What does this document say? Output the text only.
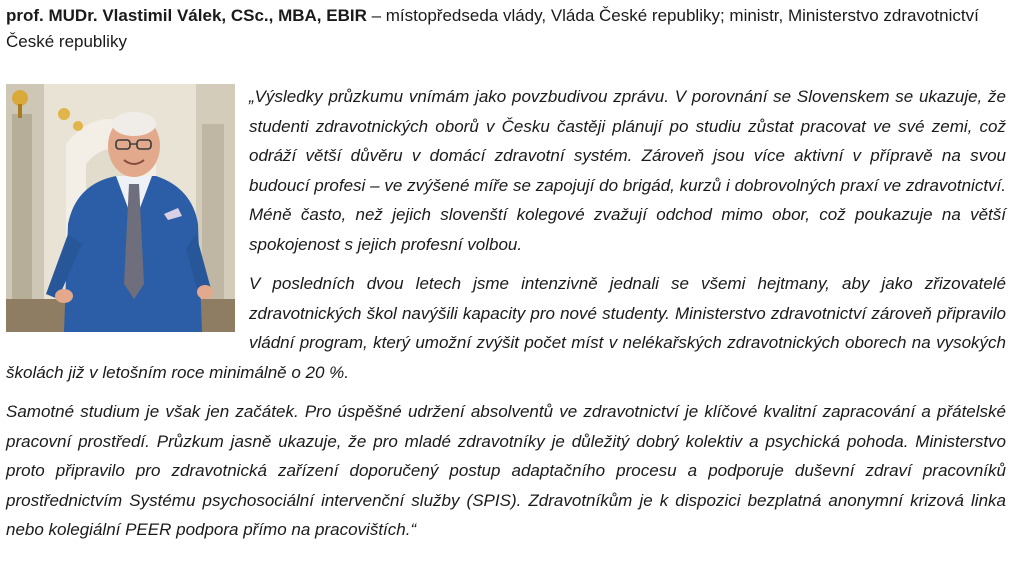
prof. MUDr. Vlastimil Válek, CSc., MBA, EBIR – místopředseda vlády, Vláda České republiky; ministr, Ministerstvo zdravotnictví České republiky

„Výsledky průzkumu vnímám jako povzbudivou zprávu. V porovnání se Slovenskem se ukazuje, že studenti zdravotnických oborů v Česku častěji plánují po studiu zůstat pracovat ve své zemi, což odráží větší důvěru v domácí zdravotní systém. Zároveň jsou více aktivní v přípravě na svou budoucí profesi – ve zvýšené míře se zapojují do brigád, kurzů i dobrovolných praxí ve zdravotnictví. Méně často, než jejich slovenští kolegové zvažují odchod mimo obor, což poukazuje na větší spokojenost s jejich profesní volbou.

V posledních dvou letech jsme intenzivně jednali se všemi hejtmany, aby jako zřizovatelé zdravotnických škol navýšili kapacity pro nové studenty. Ministerstvo zdravotnictví zároveň připravilo vládní program, který umožní zvýšit počet míst v nelékařských zdravotnických oborech na vysokých školách již v letošním roce minimálně o 20 %.

Samotné studium je však jen začátek. Pro úspěšné udržení absolventů ve zdravotnictví je klíčové kvalitní zapracování a přátelské pracovní prostředí. Průzkum jasně ukazuje, že pro mladé zdravotníky je důležitý dobrý kolektiv a psychická pohoda. Ministerstvo proto připravilo pro zdravotnická zařízení doporučený postup adaptačního procesu a podporuje duševní zdraví pracovníků prostřednictvím Systému psychosociální intervenční služby (SPIS). Zdravotníkům je k dispozici bezplatná anonymní krizová linka nebo kolegiální PEER podpora přímo na pracovištích.“
